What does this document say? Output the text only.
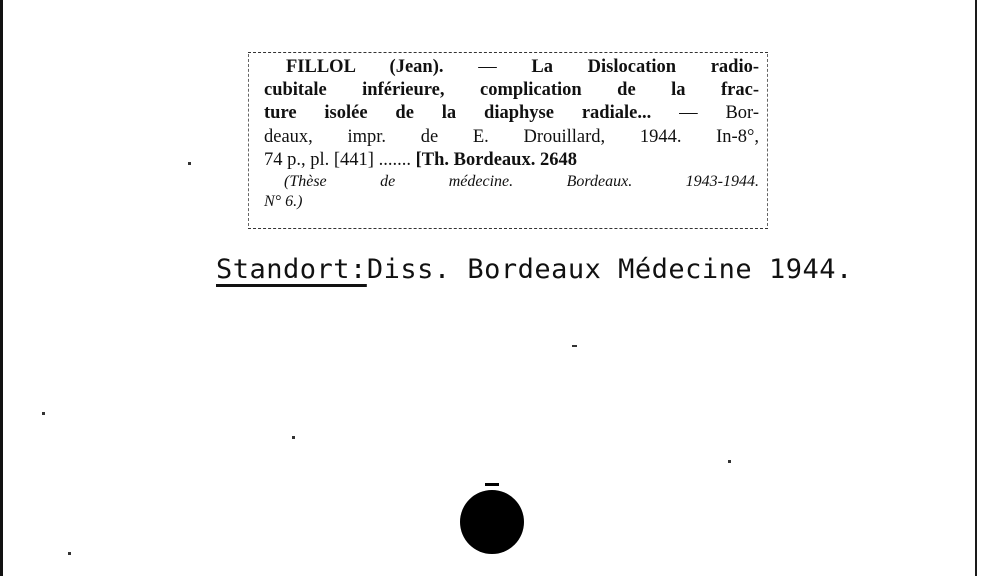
FILLOL (Jean). — La Dislocation radio-
cubitale inférieure, complication de la frac-
ture isolée de la diaphyse radiale... — Bor-
deaux, impr. de E. Drouillard, 1944. In-8°,
74 p., pl. [441] ....... [Th. Bordeaux. 2648
(Thèse de médecine. Bordeaux. 1943-1944.
N° 6.)
Standort:Diss. Bordeaux Médecine 1944.
